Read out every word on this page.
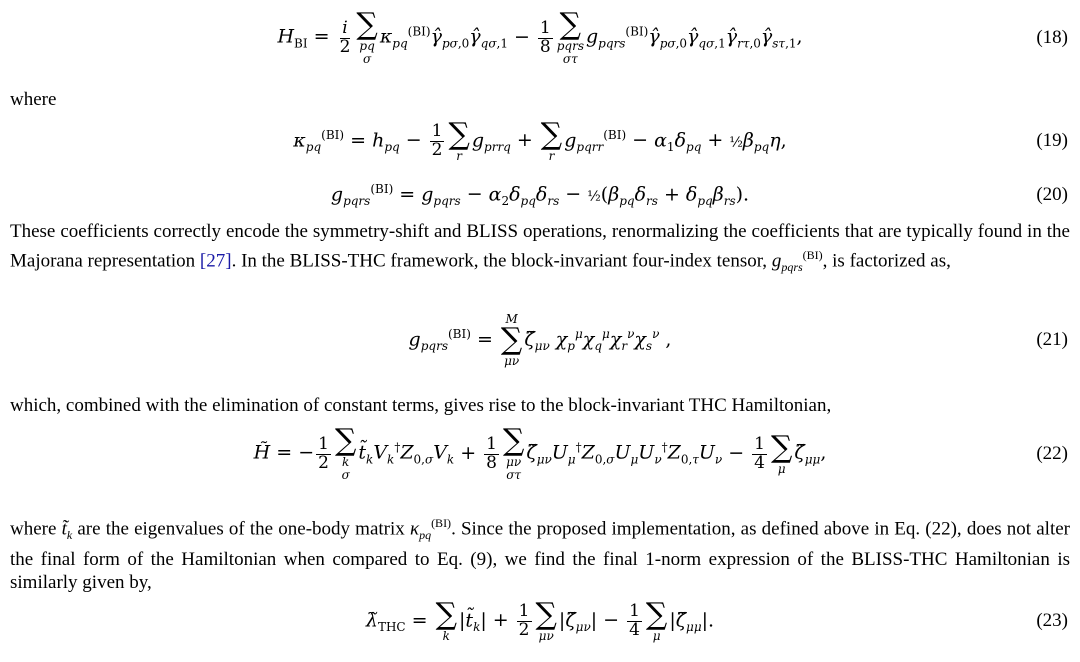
$H_{BI} = \frac{i}{2}$ ∑
pq
σ
$\kappa_{pq}^{(BI)}\gammâ_{p\sigma,0}\gammâ_{q\sigma,1} - \frac{1}{8}$ ∑
pqrs
στ
$g_{pqrs}^{(BI)}\gammâ_{p\sigma,0}\gammâ_{q\sigma,1}\gammâ_{r\tau,0}\gammâ_{s\tau,1}$,	(18)
where
$\kappa_{pq}^{(BI)} = h_{pq} - \frac{1}{2}$ ∑
r
$g_{prrq}$ + ∑
r
$g_{pqrr}^{(BI)} - \alpha_1\delta_{pq}$ + $\frac{1}{2}\beta_{pq}\eta$,	(19)
$g_{pqrs}^{(BI)} = g_{pqrs} - \alpha_2\delta_{pq}\delta_{rs}$ − $\frac{1}{2}(\beta_{pq}\delta_{rs} + \delta_{pq}\beta_{rs})$.	(20)
These coefficients correctly encode the symmetry-shift and BLISS operations, renormalizing the coefficients that are typically found in the Majorana representation [27]. In the BLISS-THC framework, the block-invariant four-index tensor, $g_{pqrs}^{(BI)}$, is factorized as,
$g_{pqrs}^{(BI)}$ =
M
∑
μν
$\zetã_{\mu\nu}$ $\chi_p^\mu\chi_q^\mu\chi_r^\nu\chi_s^\nu$ ,	(21)
which, combined with the elimination of constant terms, gives rise to the block-invariant THC Hamiltonian,
H̃ = − $\frac{1}{2}$ ∑
k
σ
$t̃_kV_k^\dagger Z_{0,\sigma}V_k + \frac{1}{8}$ ∑
μν
στ
$\zetã_{\mu\nu}U_\mu^\dagger Z_{0,\sigma}U_\mu U_\nu^\dagger Z_{0,\tau}U_\nu - \frac{1}{4}$ ∑
μ
$\zetã_{\mu\mu}$,	(22)
where $t̃_k$ are the eigenvalues of the one-body matrix $\kappa_{pq}^{(BI)}$. Since the proposed implementation, as defined above in Eq. (22), does not alter the final form of the Hamiltonian when compared to Eq. (9), we find the final 1-norm expression of the BLISS-THC Hamiltonian is similarly given by,
$\lambdã_{THC}$ = ∑
k
$|t̃_k| + \frac{1}{2}$ ∑
μν
$|\zetã_{\mu\nu}| - \frac{1}{4}$ ∑
μ
$|\zetã_{\mu\mu}|$.	(23)
